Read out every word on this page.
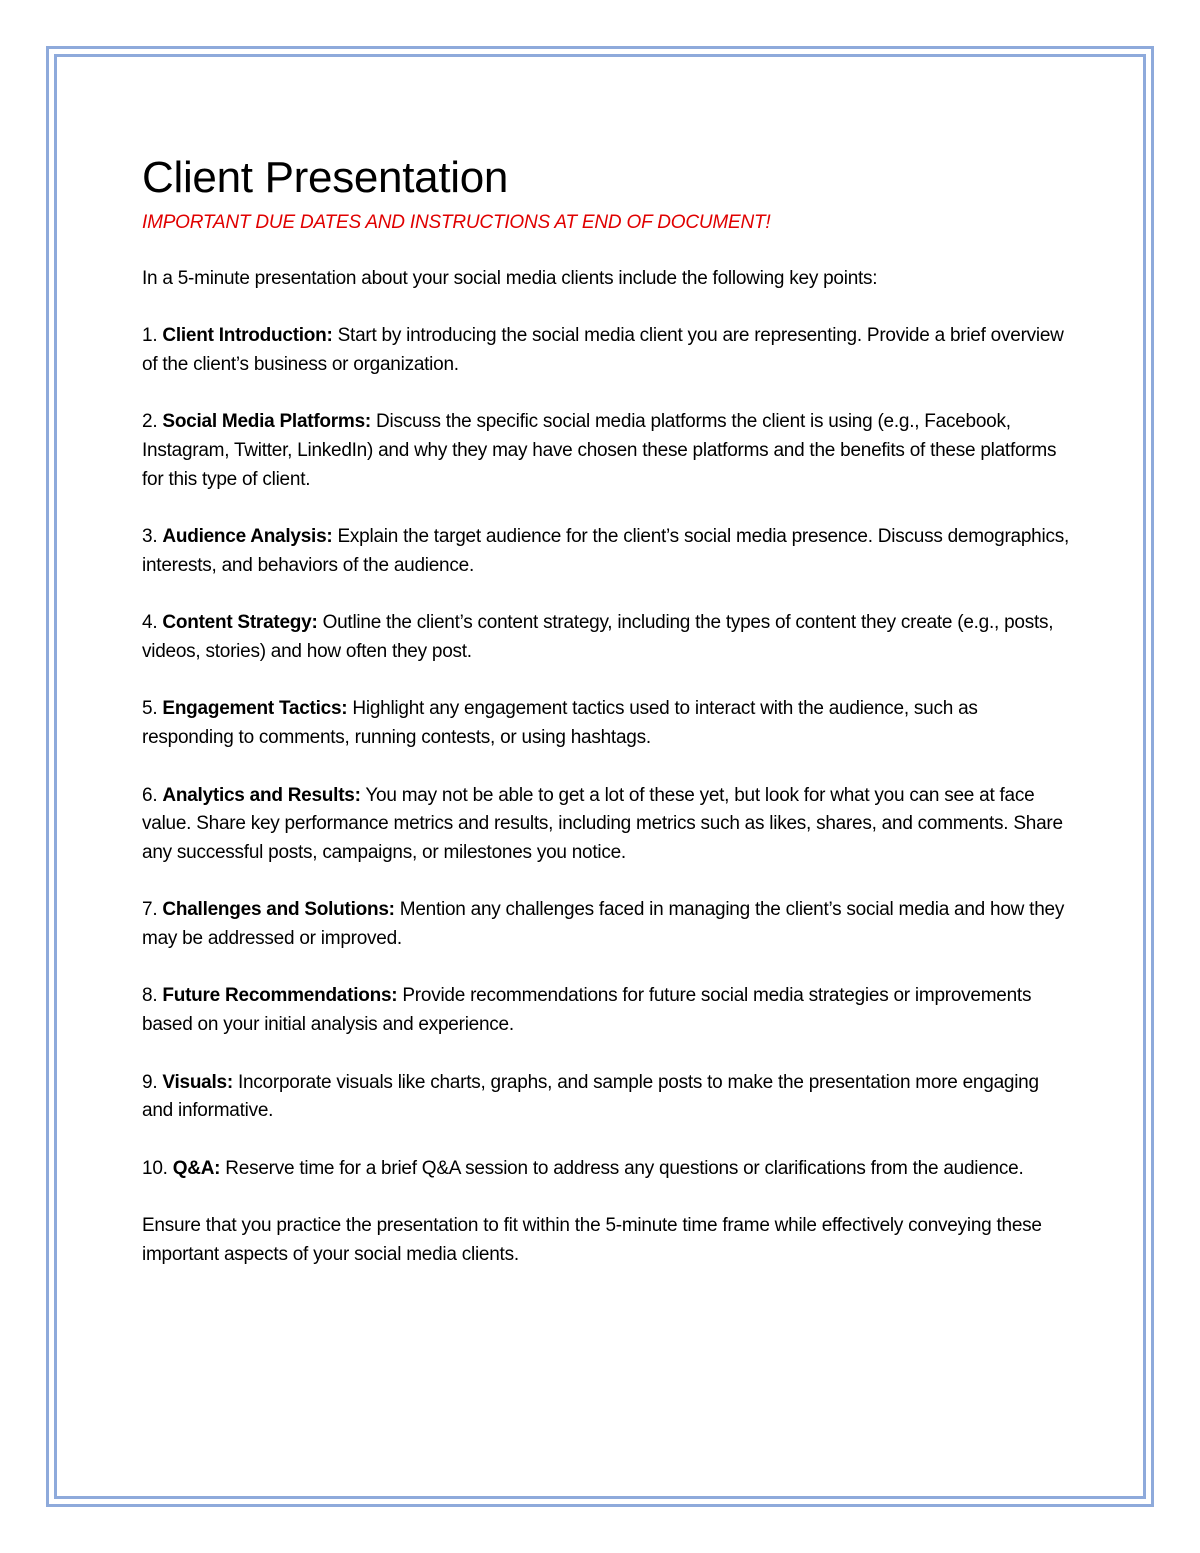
Client Presentation

IMPORTANT DUE DATES AND INSTRUCTIONS AT END OF DOCUMENT!

In a 5-minute presentation about your social media clients include the following key points:

1. Client Introduction: Start by introducing the social media client you are representing. Provide a brief overview of the client’s business or organization.

2. Social Media Platforms: Discuss the specific social media platforms the client is using (e.g., Facebook, Instagram, Twitter, LinkedIn) and why they may have chosen these platforms and the benefits of these platforms for this type of client.

3. Audience Analysis: Explain the target audience for the client’s social media presence. Discuss demographics, interests, and behaviors of the audience.

4. Content Strategy: Outline the client’s content strategy, including the types of content they create (e.g., posts, videos, stories) and how often they post.

5. Engagement Tactics: Highlight any engagement tactics used to interact with the audience, such as responding to comments, running contests, or using hashtags.

6. Analytics and Results: You may not be able to get a lot of these yet, but look for what you can see at face value. Share key performance metrics and results, including metrics such as likes, shares, and comments. Share any successful posts, campaigns, or milestones you notice.

7. Challenges and Solutions: Mention any challenges faced in managing the client’s social media and how they may be addressed or improved.

8. Future Recommendations: Provide recommendations for future social media strategies or improvements based on your initial analysis and experience.

9. Visuals: Incorporate visuals like charts, graphs, and sample posts to make the presentation more engaging and informative.

10. Q&A: Reserve time for a brief Q&A session to address any questions or clarifications from the audience.

Ensure that you practice the presentation to fit within the 5-minute time frame while effectively conveying these important aspects of your social media clients.
